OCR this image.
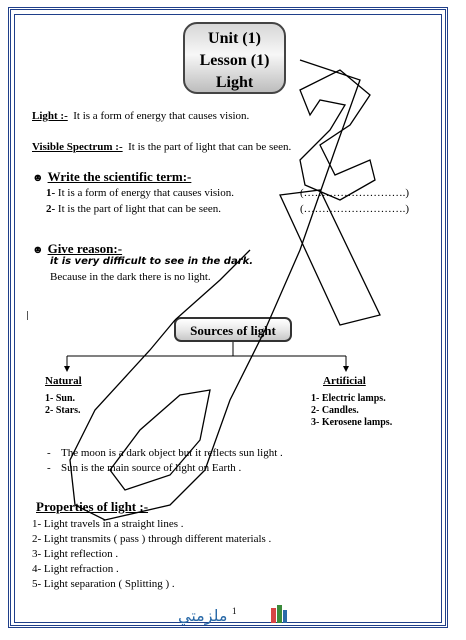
Unit (1)
Lesson (1)
Light
Light :- It is a form of energy that causes vision.
Visible Spectrum :- It is the part of light that can be seen.
☻ Write the scientific term:-
1- It is a form of energy that causes vision.	(……………………….)
2- It is the part of light that can be seen.	(……………………….)
☻ Give reason:-
it is very difficult to see in the dark.
Because in the dark there is no light.
Sources of light
Natural
1- Sun.
2- Stars.
Artificial
1- Electric lamps.
2- Candles.
3- Kerosene lamps.
- The moon is a dark object but it reflects sun light .
- Sun is the main source of light on Earth .
Properties of light :-
1- Light travels in a straight lines .
2- Light transmits ( pass ) through different materials .
3- Light reflection .
4- Light refraction .
5- Light separation ( Splitting ) .
1
ملزمتي
